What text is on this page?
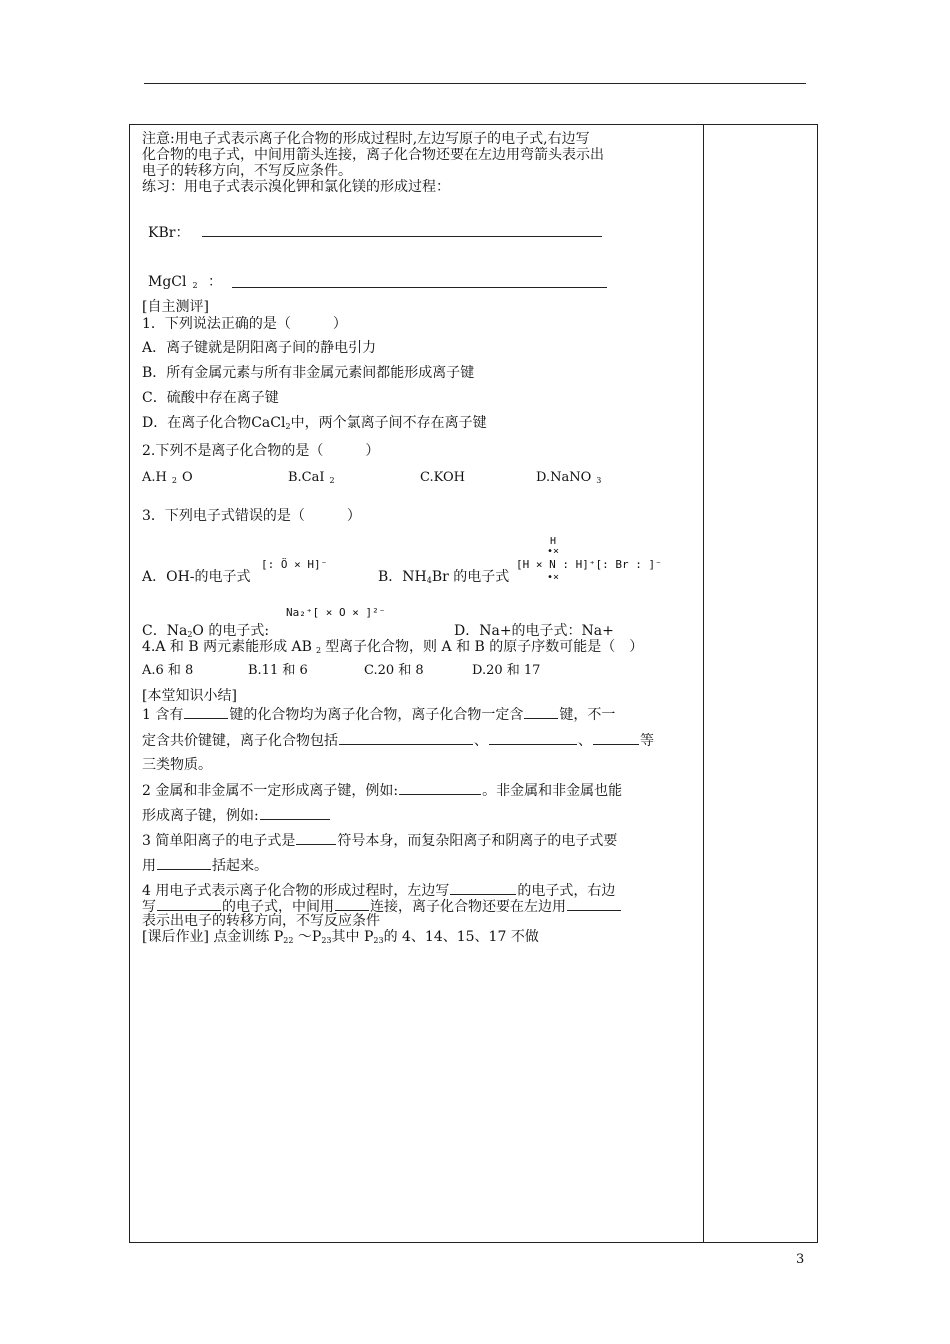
注意:用电子式表示离子化合物的形成过程时,左边写原子的电子式,右边写
化合物的电子式，中间用箭头连接，离子化合物还要在左边用弯箭头表示出
电子的转移方向，不写反应条件。
练习：用电子式表示溴化钾和氯化镁的形成过程：
KBr：
MgCl $_2$ ：
[自主测评]
1．下列说法正确的是（　　　）
A．离子键就是阴阳离子间的静电引力
B．所有金属元素与所有非金属元素间都能形成离子键
C．硫酸中存在离子键
D．在离子化合物CaCl$_2$中，两个氯离子间不存在离子键
2.下列不是离子化合物的是（　　　）
A.H $_2$ O	B.CaI $_2$	C.KOH	D.NaNO $_3$
3．下列电子式错误的是（　　　）
A．OH-的电子式
[: Ö × H]⁻
B．$NH_4Br$ 的电子式
H
•×
[H × N : H]⁺[: Br : ]⁻
•×
Na₂⁺[ × O × ]²⁻
C．$Na_2O$ 的电子式:	D．Na+的电子式：Na+
4.A 和 B 两元素能形成 AB $_2$ 型离子化合物，则 A 和 B 的原子序数可能是（　）
A.6 和 8	B.11 和 6	C.20 和 8	D.20 和 17
[本堂知识小结]
1 含有	键的化合物均为离子化合物，离子化合物一定含	键，不一
定含共价键键，离子化合物包括	、	、	等
三类物质。
2 金属和非金属不一定形成离子键，例如:	。非金属和非金属也能
形成离子键，例如:
3 简单阳离子的电子式是	符号本身，而复杂阳离子和阴离子的电子式要
用	括起来。
4 用电子式表示离子化合物的形成过程时，左边写	的电子式，右边
写	的电子式，中间用	连接，离子化合物还要在左边用
表示出电子的转移方向，不写反应条件
[课后作业] 点金训练 $P_{22}$ $\sim P_{23}$其中 $P_{23}$的 4、14、15、17 不做
3
